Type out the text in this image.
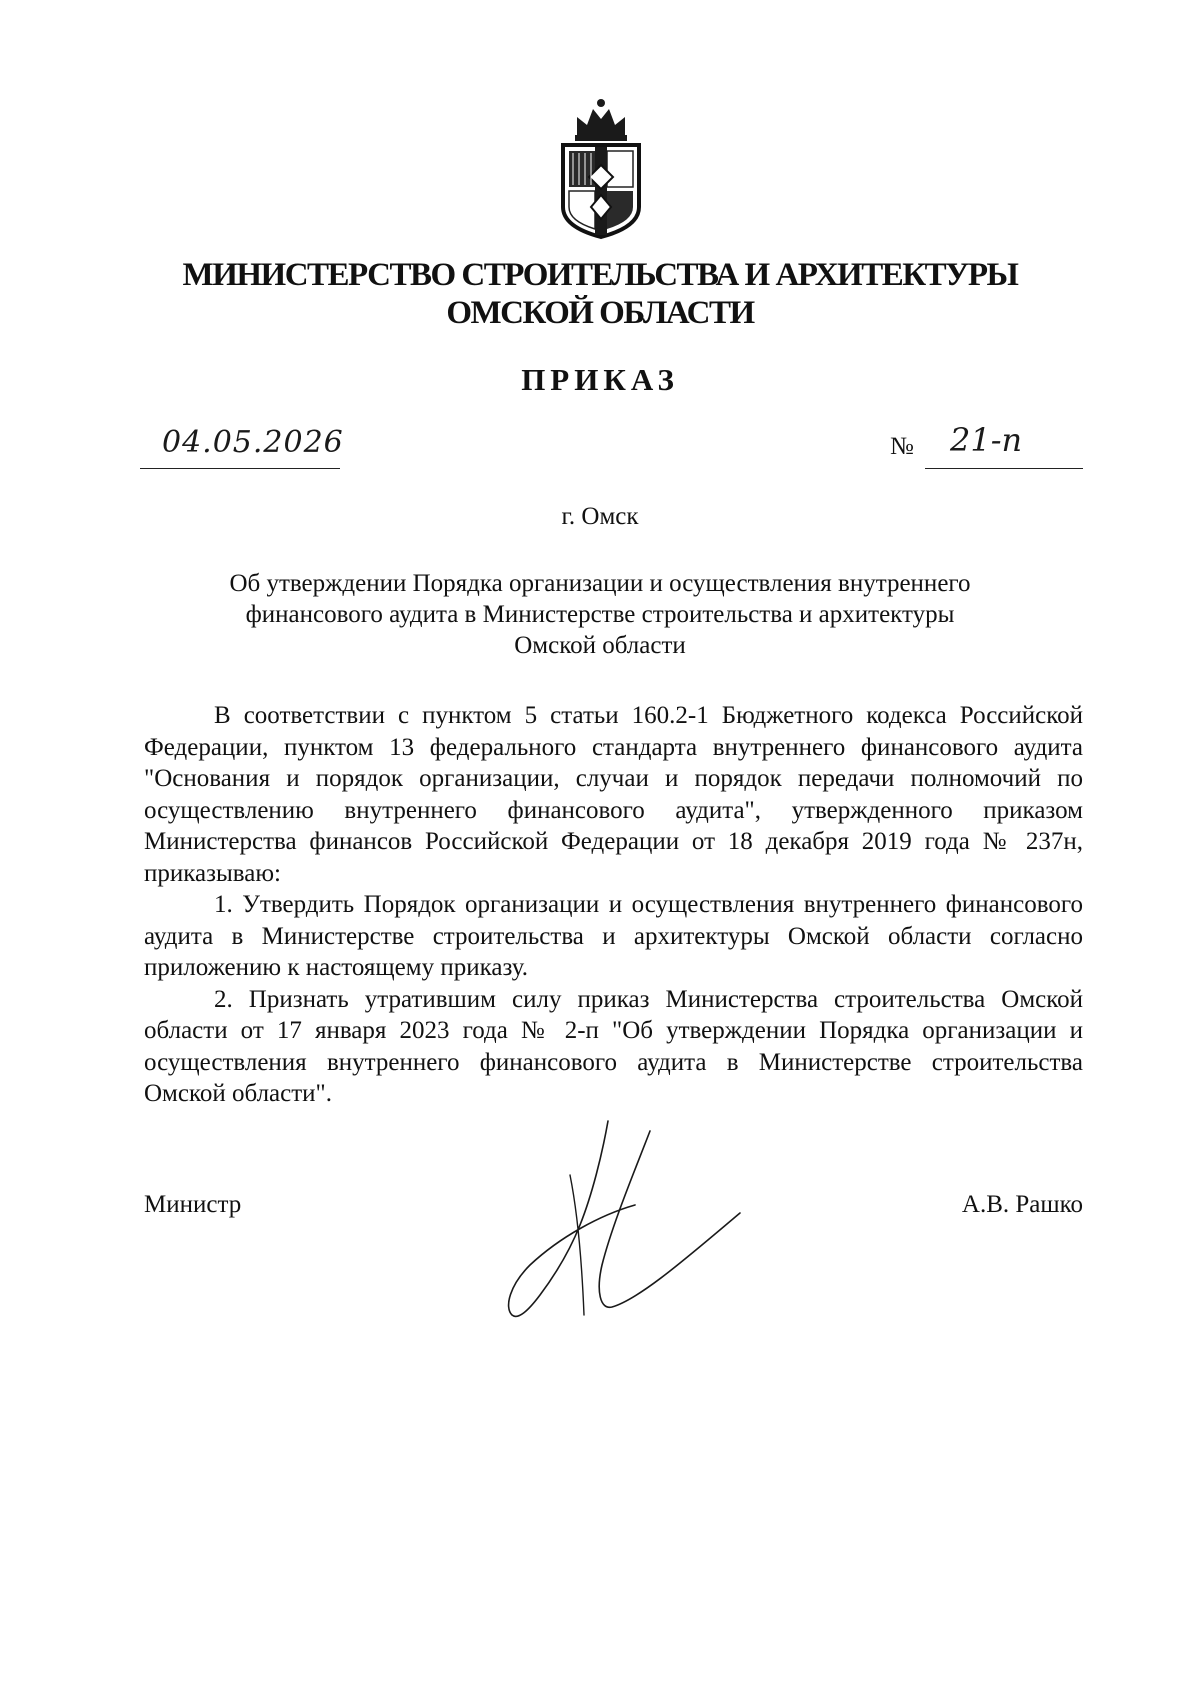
МИНИСТЕРСТВО СТРОИТЕЛЬСТВА И АРХИТЕКТУРЫ
ОМСКОЙ ОБЛАСТИ
ПРИКАЗ
04.05.2026	№ 21-п
г. Омск
Об утверждении Порядка организации и осуществления внутреннего
финансового аудита в Министерстве строительства и архитектуры
Омской области

В соответствии с пунктом 5 статьи 160.2-1 Бюджетного кодекса Российской Федерации, пунктом 13 федерального стандарта внутреннего финансового аудита "Основания и порядок организации, случаи и порядок передачи полномочий по осуществлению внутреннего финансового аудита", утвержденного приказом Министерства финансов Российской Федерации от 18 декабря 2019 года № 237н, приказываю:

1. Утвердить Порядок организации и осуществления внутреннего финансового аудита в Министерстве строительства и архитектуры Омской области согласно приложению к настоящему приказу.

2. Признать утратившим силу приказ Министерства строительства Омской области от 17 января 2023 года № 2-п "Об утверждении Порядка организации и осуществления внутреннего финансового аудита в Министерстве строительства Омской области".

Министр	А.В. Рашко
